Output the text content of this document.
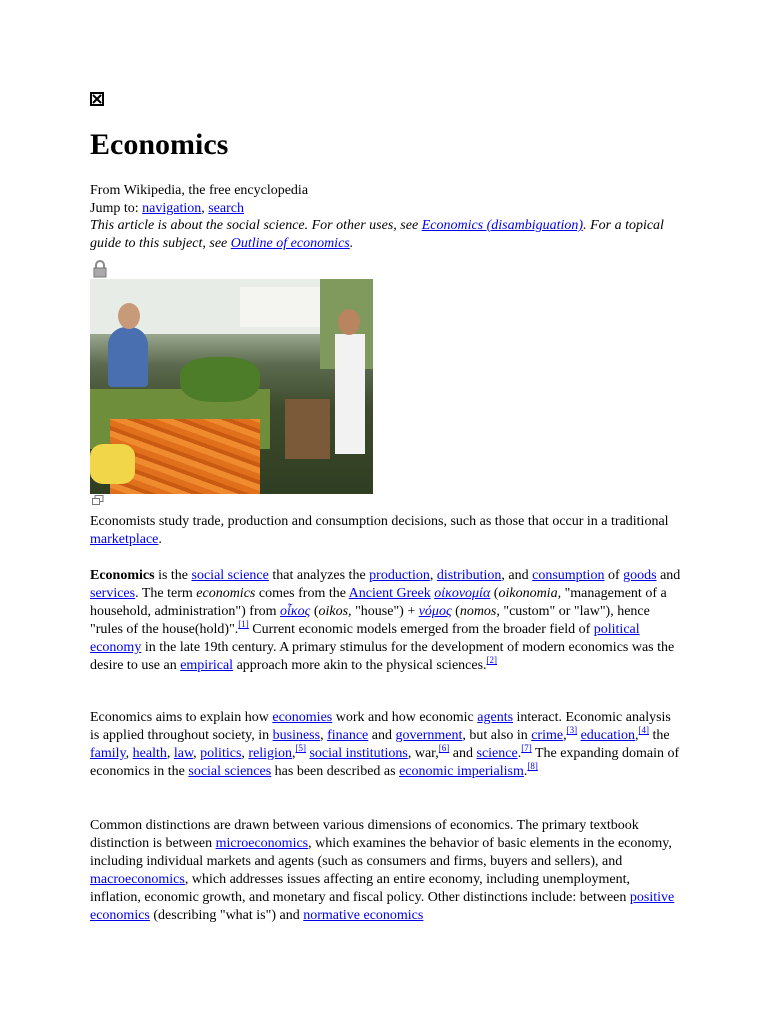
Economics
From Wikipedia, the free encyclopedia
Jump to: navigation, search
This article is about the social science. For other uses, see Economics (disambiguation). For a topical guide to this subject, see Outline of economics.
Economists study trade, production and consumption decisions, such as those that occur in a traditional marketplace.

Economics is the social science that analyzes the production, distribution, and consumption of goods and services. The term economics comes from the Ancient Greek οἰκονομία (oikonomia, "management of a household, administration") from οἶκος (oikos, "house") + νόμος (nomos, "custom" or "law"), hence "rules of the house(hold)".[1] Current economic models emerged from the broader field of political economy in the late 19th century. A primary stimulus for the development of modern economics was the desire to use an empirical approach more akin to the physical sciences.[2]

Economics aims to explain how economies work and how economic agents interact. Economic analysis is applied throughout society, in business, finance and government, but also in crime,[3] education,[4] the family, health, law, politics, religion,[5] social institutions, war,[6] and science.[7] The expanding domain of economics in the social sciences has been described as economic imperialism.[8]

Common distinctions are drawn between various dimensions of economics. The primary textbook distinction is between microeconomics, which examines the behavior of basic elements in the economy, including individual markets and agents (such as consumers and firms, buyers and sellers), and macroeconomics, which addresses issues affecting an entire economy, including unemployment, inflation, economic growth, and monetary and fiscal policy. Other distinctions include: between positive economics (describing "what is") and normative economics
